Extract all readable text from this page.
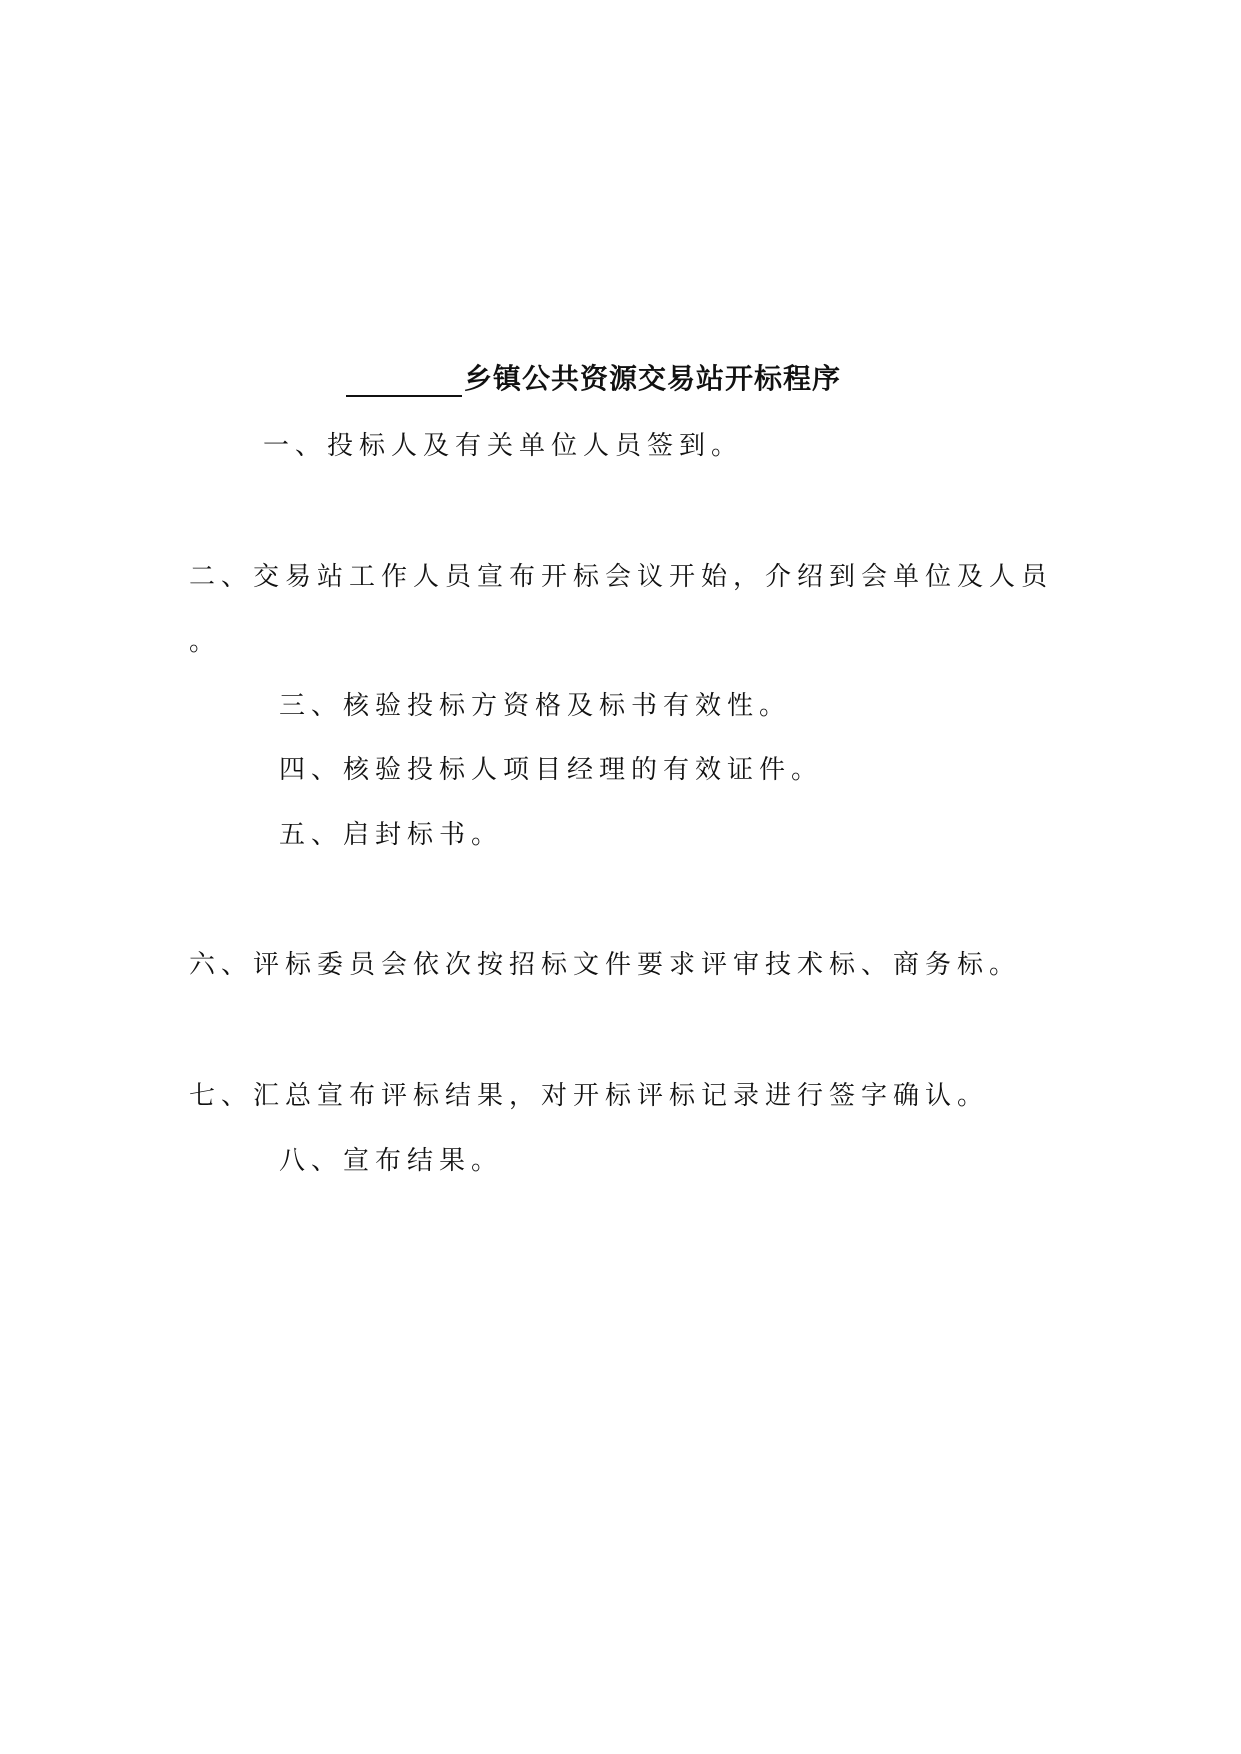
乡镇公共资源交易站开标程序
一、投标人及有关单位人员签到。
二、交易站工作人员宣布开标会议开始，介绍到会单位及人员
。
三、核验投标方资格及标书有效性。
四、核验投标人项目经理的有效证件。
五、启封标书。
六、评标委员会依次按招标文件要求评审技术标、商务标。
七、汇总宣布评标结果，对开标评标记录进行签字确认。
八、宣布结果。
